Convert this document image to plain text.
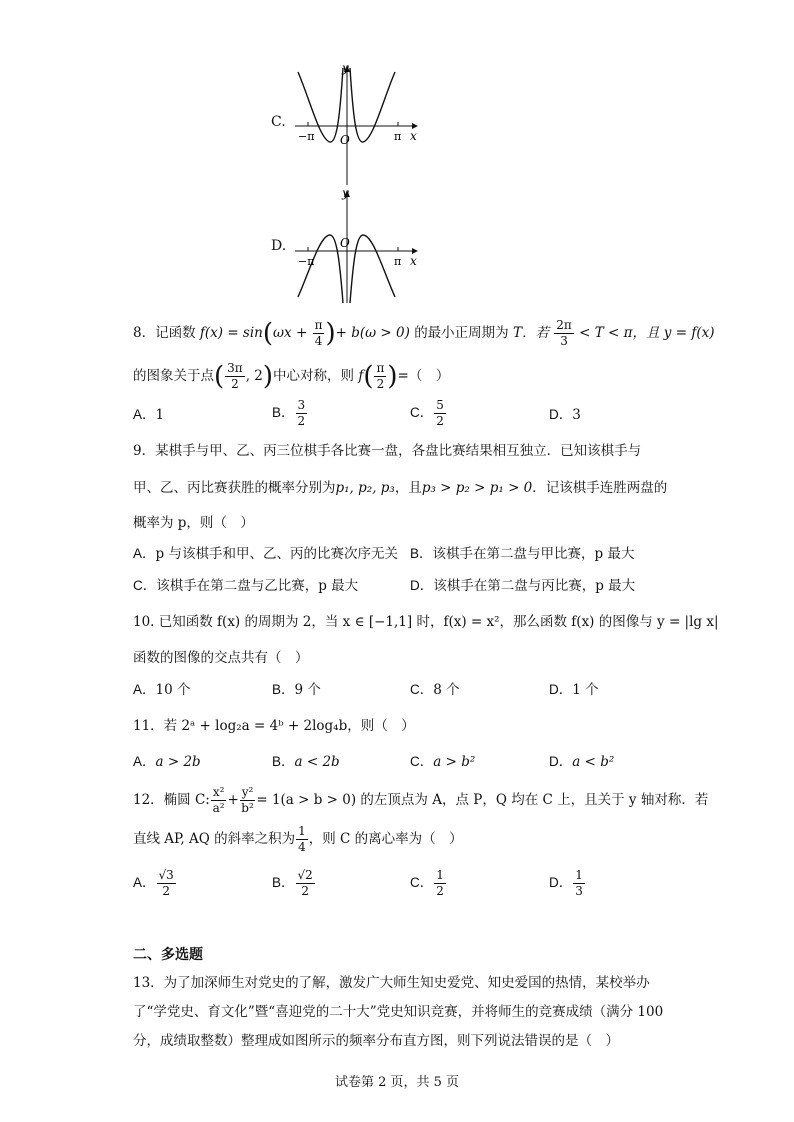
C.
y
x
O
−π	π
D.
y
x
O
−π	π
8．记函数 $f(x) = \sin(\omega x + \frac{\pi}{4}$ )+ b(ω > 0) 的最小正周期为 T．若 $\frac{2\pi}{3} < T < \pi$，且 y = f(x)
的图象关于点( $\frac{3\pi}{2}$ , 2)中心对称，则 $f( \frac{\pi}{2}$ )=（　）
A．1	B． $\frac{3}{2}$	C． $\frac{5}{2}$	D．3
9．某棋手与甲、乙、丙三位棋手各比赛一盘，各盘比赛结果相互独立．已知该棋手与
甲、乙、丙比赛获胜的概率分别为p₁, p₂, p₃，且p₃ > p₂ > p₁ > 0．记该棋手连胜两盘的
概率为 p，则（　）
A．p 与该棋手和甲、乙、丙的比赛次序无关 B．该棋手在第二盘与甲比赛，p 最大
C．该棋手在第二盘与乙比赛，p 最大	D．该棋手在第二盘与丙比赛，p 最大
10. 已知函数 f(x) 的周期为 2，当 x ∈ [−1,1] 时，f(x) = x²，那么函数 f(x) 的图像与 y = |lg x|
函数的图像的交点共有（　）
A．10 个	B．9 个	C．8 个	D．1 个
11．若 2ᵃ + log₂a = 4ᵇ + 2log₄b，则（　）
A．a > 2b	B．a < 2b	C．a > b²	D．a < b²
12．椭圆 C: $\frac{\text{x²}}{\text{a²}} + \frac{\text{y²}}{\text{b²}} = 1(a > b > 0)$ 的左顶点为 A，点 P，Q 均在 C 上，且关于 y 轴对称．若
直线 AP, AQ 的斜率之积为 $\frac{1}{4}$ ，则 C 的离心率为（　）
A． $\frac{√3}{2}$	B． $\frac{√2}{2}$	C． $\frac{1}{2}$	D． $\frac{1}{3}$
二、多选题
13．为了加深师生对党史的了解，激发广大师生知史爱党、知史爱国的热情，某校举办
了“学党史、育文化”暨“喜迎党的二十大”党史知识竞赛，并将师生的竞赛成绩（满分 100
分，成绩取整数）整理成如图所示的频率分布直方图，则下列说法错误的是（　）
试卷第 2 页，共 5 页
